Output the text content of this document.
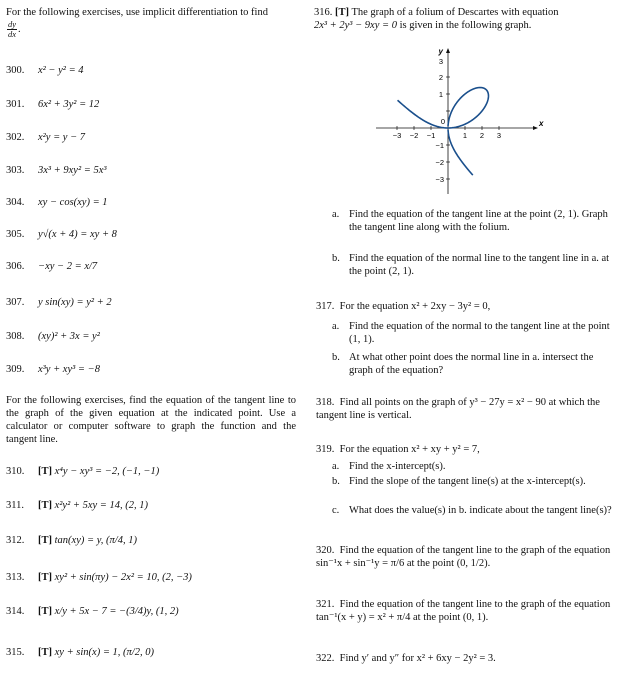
For the following exercises, use implicit differentiation to find
$\frac{dy}{dx}$ .
300. x² − y² = 4
301. 6x² + 3y² = 12
302. x²y = y − 7
303. 3x³ + 9xy² = 5x³
304. xy − cos(xy) = 1
305. y√(x + 4) = xy + 8
306. −xy − 2 = x/7
307. y sin(xy) = y² + 2
308. (xy)² + 3x = y²
309. x³y + xy³ = −8
For the following exercises, find the equation of the tangent line to the graph of the given equation at the indicated point. Use a calculator or computer software to graph the function and the tangent line.
310. [T] x⁴y − xy³ = −2, (−1, −1)
311. [T] x²y² + 5xy = 14, (2, 1)
312. [T] tan(xy) = y, (π/4, 1)
313. [T] xy² + sin(πy) − 2x² = 10, (2, −3)
314. [T] x/y + 5x − 7 = −(3/4)y, (1, 2)
315. [T] xy + sin(x) = 1, (π/2, 0)
316. [T] The graph of a folium of Descartes with equation
2x³ + 2y³ − 9xy = 0 is given in the following graph.
y
x
3
2
1
−1
−2
−3
−3 −2 −1	1 2 3
0
a. Find the equation of the tangent line at the point (2, 1). Graph the tangent line along with the folium.
b. Find the equation of the normal line to the tangent line in a. at the point (2, 1).
317. For the equation x² + 2xy − 3y² = 0,
a. Find the equation of the normal to the tangent line at the point (1, 1).
b. At what other point does the normal line in a. intersect the graph of the equation?
318. Find all points on the graph of y³ − 27y = x² − 90 at which the tangent line is vertical.
319. For the equation x² + xy + y² = 7,
a. Find the x-intercept(s).
b. Find the slope of the tangent line(s) at the x-intercept(s).
c. What does the value(s) in b. indicate about the tangent line(s)?
320. Find the equation of the tangent line to the graph of the equation sin⁻¹x + sin⁻¹y = π/6 at the point (0, 1/2).
321. Find the equation of the tangent line to the graph of the equation tan⁻¹(x + y) = x² + π/4 at the point (0, 1).
322. Find y′ and y″ for x² + 6xy − 2y² = 3.
